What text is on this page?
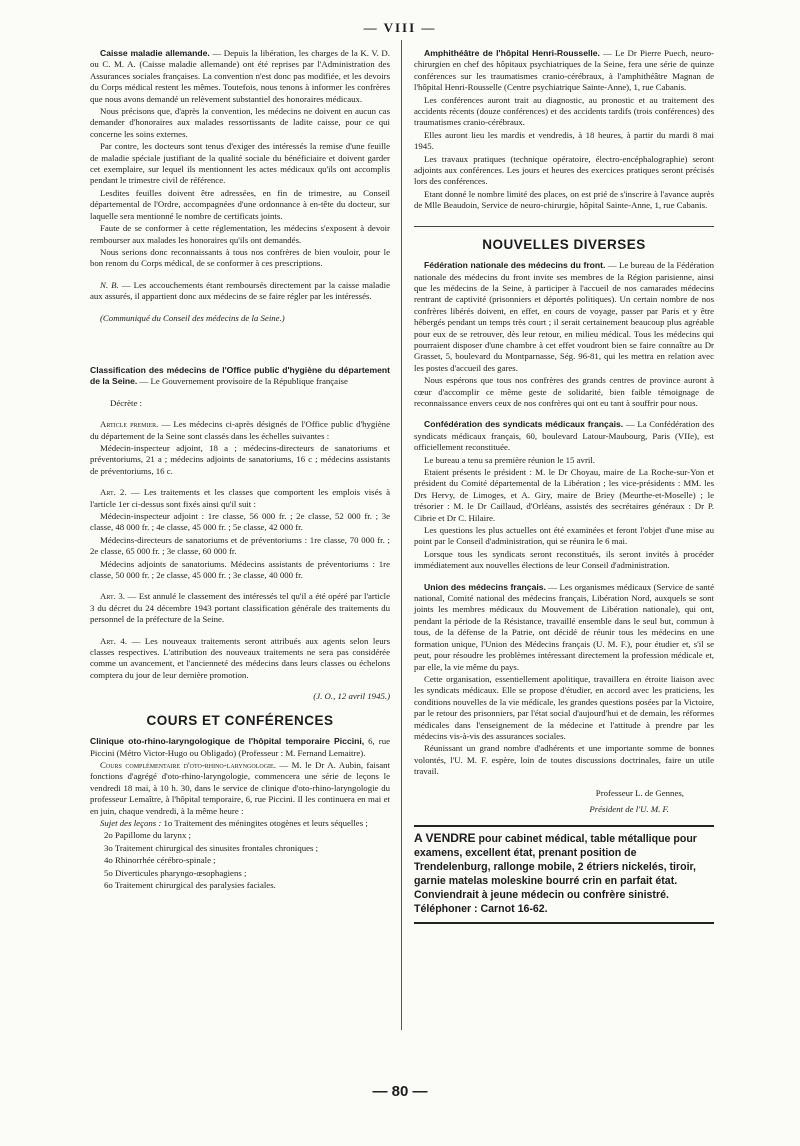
— VIII —

Caisse maladie allemande. — Depuis la libération, les charges de la K. V. D. ou C. M. A. (Caisse maladie allemande) ont été reprises par l'Administration des Assurances sociales françaises. La convention n'est donc pas modifiée, et les devoirs du Corps médical restent les mêmes. Toutefois, nous tenons à informer les confrères que nous avons demandé un relèvement substantiel des honoraires médicaux.

Nous précisons que, d'après la convention, les médecins ne doivent en aucun cas demander d'honoraires aux malades ressortissants de ladite caisse, pour ce qui concerne les soins externes.

Par contre, les docteurs sont tenus d'exiger des intéressés la remise d'une feuille de maladie spéciale justifiant de la qualité sociale du bénéficiaire et doivent garder cet exemplaire, sur lequel ils mentionnent les actes médicaux qu'ils ont accomplis pendant le trimestre civil de référence.

Lesdites feuilles doivent être adressées, en fin de trimestre, au Conseil départemental de l'Ordre, accompagnées d'une ordonnance à en-tête du docteur, sur laquelle sera mentionné le nombre de certificats joints.

Faute de se conformer à cette réglementation, les médecins s'exposent à devoir rembourser aux malades les honoraires qu'ils ont demandés.

Nous serions donc reconnaissants à tous nos confrères de bien vouloir, pour le bon renom du Corps médical, de se conformer à ces prescriptions.

N. B. — Les accouchements étant remboursés directement par la caisse maladie aux assurés, il appartient donc aux médecins de se faire régler par les intéressés.

(Communiqué du Conseil des médecins de la Seine.)

Classification des médecins de l'Office public d'hygiène du département de la Seine. — Le Gouvernement provisoire de la République française

Décrète :

Article premier. — Les médecins ci-après désignés de l'Office public d'hygiène du département de la Seine sont classés dans les échelles suivantes :

Médecin-inspecteur adjoint, 18 a ; médecins-directeurs de sanatoriums et préventoriums, 21 a ; médecins adjoints de sanatoriums, 16 c ; médecins assistants de préventoriums, 16 c.

Art. 2. — Les traitements et les classes que comportent les emplois visés à l'article 1er ci-dessus sont fixés ainsi qu'il suit :

Médecin-inspecteur adjoint : 1re classe, 56 000 fr. ; 2e classe, 52 000 fr. ; 3e classe, 48 000 fr. ; 4e classe, 45 000 fr. ; 5e classe, 42 000 fr.

Médecins-directeurs de sanatoriums et de préventoriums : 1re classe, 70 000 fr. ; 2e classe, 65 000 fr. ; 3e classe, 60 000 fr.

Médecins adjoints de sanatoriums. Médecins assistants de préventoriums : 1re classe, 50 000 fr. ; 2e classe, 45 000 fr. ; 3e classe, 40 000 fr.

Art. 3. — Est annulé le classement des intéressés tel qu'il a été opéré par l'article 3 du décret du 24 décembre 1943 portant classification générale des traitements du personnel de la préfecture de la Seine.

Art. 4. — Les nouveaux traitements seront attribués aux agents selon leurs classes respectives. L'attribution des nouveaux traitements ne sera pas considérée comme un avancement, et l'ancienneté des médecins dans leurs classes ou échelons comptera du jour de leur dernière promotion.

(J. O., 12 avril 1945.)

COURS ET CONFÉRENCES

Clinique oto-rhino-laryngologique de l'hôpital temporaire Piccini, 6, rue Piccini (Métro Victor-Hugo ou Obligado) (Professeur : M. Fernand Lemaitre).

Cours complémentaire d'oto-rhino-laryngologie. — M. le Dr A. Aubin, faisant fonctions d'agrégé d'oto-rhino-laryngologie, commencera une série de leçons le vendredi 18 mai, à 10 h. 30, dans le service de clinique d'oto-rhino-laryngologie du professeur Lemaître, à l'hôpital temporaire, 6, rue Piccini. Il les continuera en mai et en juin, chaque vendredi, à la même heure :

Sujet des leçons : 1o Traitement des méningites otogènes et leurs séquelles ;

2o Papillome du larynx ;

3o Traitement chirurgical des sinusites frontales chroniques ;

4o Rhinorrhée cérébro-spinale ;

5o Diverticules pharyngo-œsophagiens ;

6o Traitement chirurgical des paralysies faciales.

Amphithéâtre de l'hôpital Henri-Rousselle. — Le Dr Pierre Puech, neuro-chirurgien en chef des hôpitaux psychiatriques de la Seine, fera une série de quinze conférences sur les traumatismes cranio-cérébraux, à l'amphithéâtre Magnan de l'hôpital Henri-Rousselle (Centre psychiatrique Sainte-Anne), 1, rue Cabanis.

Les conférences auront trait au diagnostic, au pronostic et au traitement des accidents récents (douze conférences) et des accidents tardifs (trois conférences) des traumatismes cranio-cérébraux.

Elles auront lieu les mardis et vendredis, à 18 heures, à partir du mardi 8 mai 1945.

Les travaux pratiques (technique opératoire, électro-encéphalographie) seront adjoints aux conférences. Les jours et heures des exercices pratiques seront précisés lors des conférences.

Etant donné le nombre limité des places, on est prié de s'inscrire à l'avance auprès de Mlle Beaudoin, Service de neuro-chirurgie, hôpital Sainte-Anne, 1, rue Cabanis.

NOUVELLES DIVERSES

Fédération nationale des médecins du front. — Le bureau de la Fédération nationale des médecins du front invite ses membres de la Région parisienne, ainsi que les médecins de la Seine, à participer à l'accueil de nos camarades médecins rentrant de captivité (prisonniers et déportés politiques). Un certain nombre de nos confrères libérés doivent, en effet, en cours de voyage, passer par Paris et y être hébergés pendant un temps très court ; il serait certainement beaucoup plus agréable pour eux de se retrouver, dès leur retour, en milieu médical. Tous les médecins qui pourraient disposer d'une chambre à cet effet voudront bien se faire connaître au Dr Grasset, 5, boulevard du Montparnasse, Ség. 96-81, qui les mettra en relation avec les postes d'accueil des gares.

Nous espérons que tous nos confrères des grands centres de province auront à cœur d'accomplir ce même geste de solidarité, bien faible témoignage de reconnaissance envers ceux de nos confrères qui ont eu tant à souffrir pour nous.

Confédération des syndicats médicaux français. — La Confédération des syndicats médicaux français, 60, boulevard Latour-Maubourg, Paris (VIIe), est officiellement reconstituée.

Le bureau a tenu sa première réunion le 15 avril.

Etaient présents le président : M. le Dr Choyau, maire de La Roche-sur-Yon et président du Comité départemental de la Libération ; les vice-présidents : MM. les Drs Hervy, de Limoges, et A. Giry, maire de Briey (Meurthe-et-Moselle) ; le trésorier : M. le Dr Caillaud, d'Orléans, assistés des secrétaires généraux : Dr P. Cibrie et Dr C. Hilaire.

Les questions les plus actuelles ont été examinées et feront l'objet d'une mise au point par le Conseil d'administration, qui se réunira le 6 mai.

Lorsque tous les syndicats seront reconstitués, ils seront invités à procéder immédiatement aux nouvelles élections de leur Conseil d'administration.

Union des médecins français. — Les organismes médicaux (Service de santé national, Comité national des médecins français, Libération Nord, auxquels se sont joints les membres médicaux du Mouvement de Libération nationale), qui ont, pendant la période de la Résistance, travaillé ensemble dans le seul but, commun à tous, de la défense de la Patrie, ont décidé de réunir tous les médecins en une formation unique, l'Union des Médecins français (U. M. F.), pour étudier et, s'il se peut, pour résoudre les problèmes intéressant directement la profession médicale et, par elle, la vie même du pays.

Cette organisation, essentiellement apolitique, travaillera en étroite liaison avec les syndicats médicaux. Elle se propose d'étudier, en accord avec les praticiens, les conditions nouvelles de la vie médicale, les grandes questions posées par la Victoire, par le retour des prisonniers, par l'état social d'aujourd'hui et de demain, les réformes médicales dans l'enseignement de la médecine et l'attitude à prendre par les médecins vis-à-vis des assurances sociales.

Réunissant un grand nombre d'adhérents et une importante somme de bonnes volontés, l'U. M. F. espère, loin de toutes discussions doctrinales, faire un utile travail.

Professeur L. de Gennes,

Président de l'U. M. F.

A VENDRE pour cabinet médical, table métallique pour examens, excellent état, prenant position de Trendelenburg, rallonge mobile, 2 étriers nickelés, tiroir, garnie matelas moleskine bourré crin en parfait état. Conviendrait à jeune médecin ou confrère sinistré. Téléphoner : Carnot 16-62.

— 80 —
